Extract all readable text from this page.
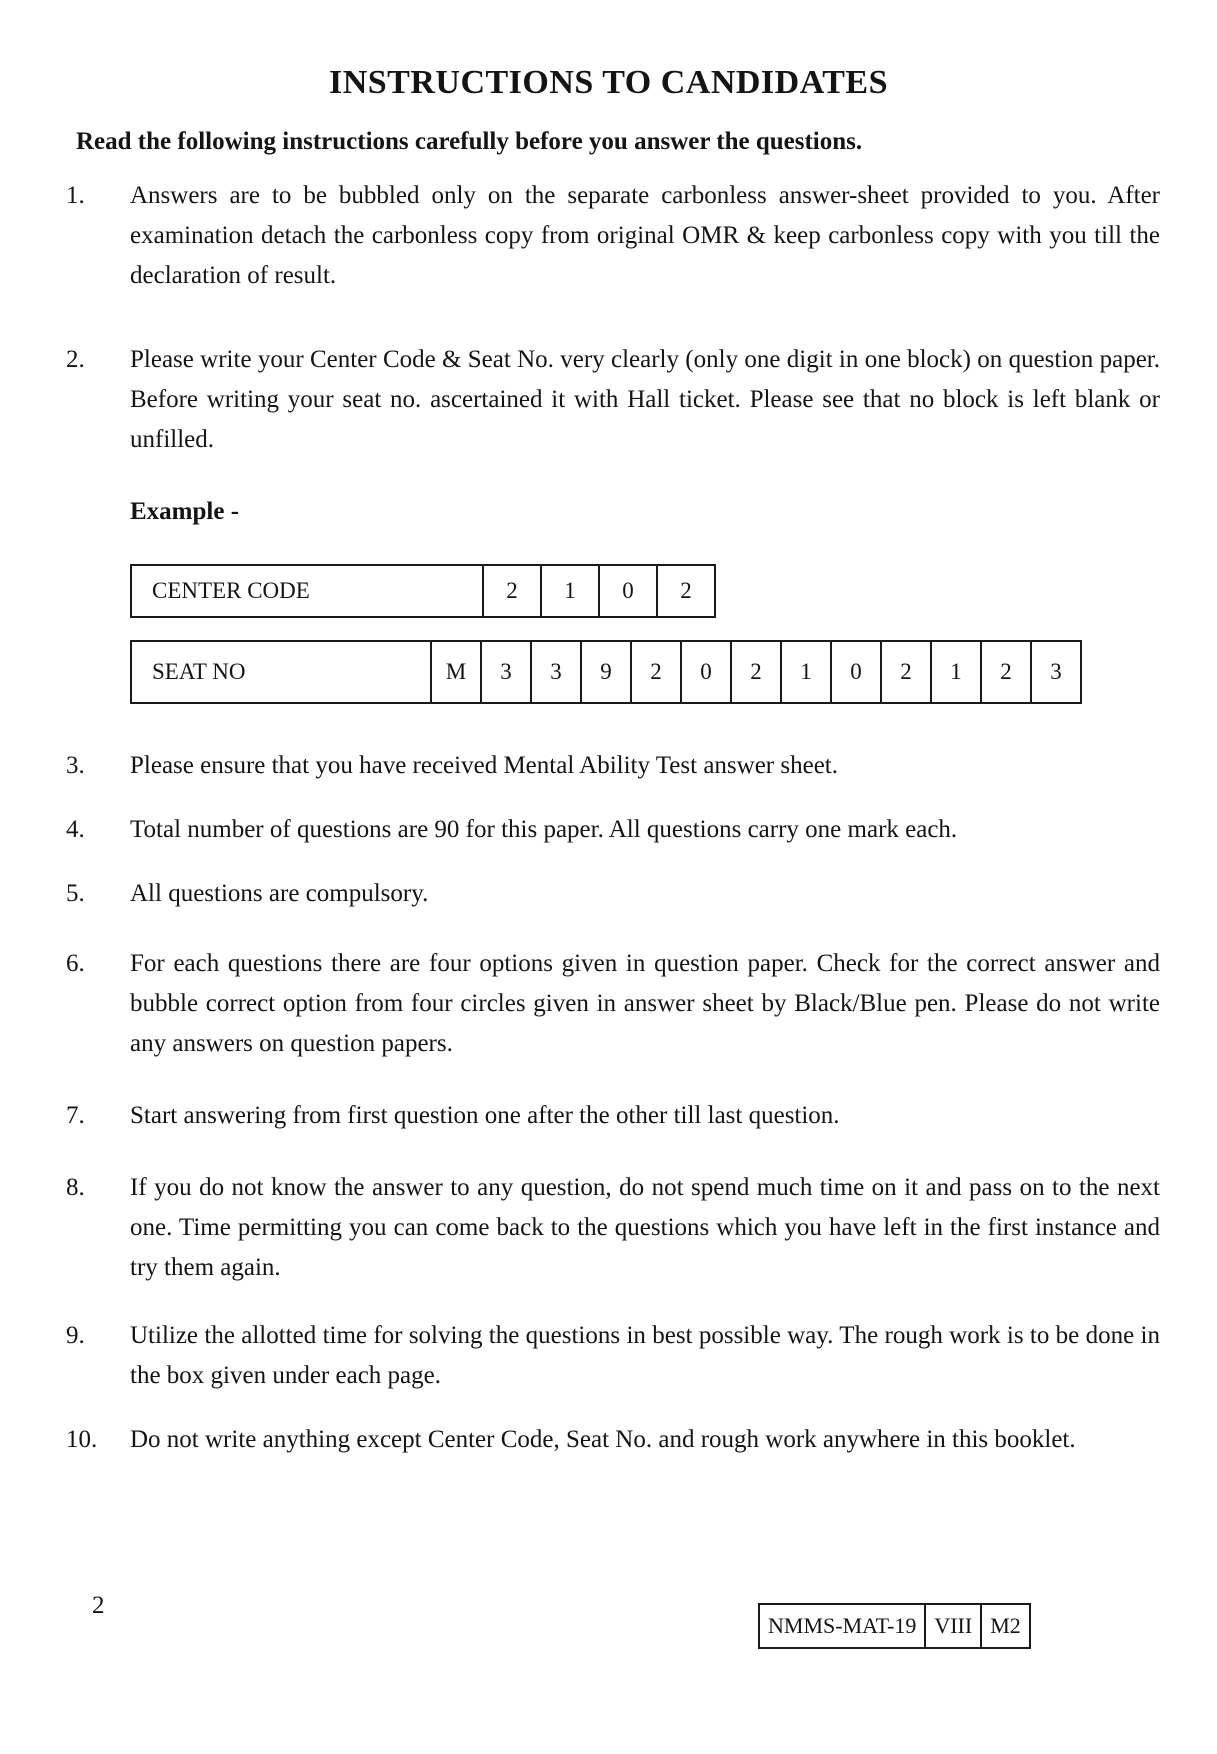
INSTRUCTIONS TO CANDIDATES
Read the following instructions carefully before you answer the questions.
1.	Answers are to be bubbled only on the separate carbonless answer-sheet provided to you. After examination detach the carbonless copy from original OMR & keep carbonless copy with you till the declaration of result.
2.	Please write your Center Code & Seat No. very clearly (only one digit in one block) on question paper. Before writing your seat no. ascertained it with Hall ticket. Please see that no block is left blank or unfilled.
Example -
CENTER CODE	2	1	0	2
SEAT NO	M	3	3	9	2	0	2	1	0	2	1	2	3
3.	Please ensure that you have received Mental Ability Test answer sheet.
4.	Total number of questions are 90 for this paper. All questions carry one mark each.
5.	All questions are compulsory.
6.	For each questions there are four options given in question paper. Check for the correct answer and bubble correct option from four circles given in answer sheet by Black/Blue pen. Please do not write any answers on question papers.
7.	Start answering from first question one after the other till last question.
8.	If you do not know the answer to any question, do not spend much time on it and pass on to the next one. Time permitting you can come back to the questions which you have left in the first instance and try them again.
9.	Utilize the allotted time for solving the questions in best possible way. The rough work is to be done in the box given under each page.
10.	Do not write anything except Center Code, Seat No. and rough work anywhere in this booklet.
2
NMMS-MAT-19 VIII M2
